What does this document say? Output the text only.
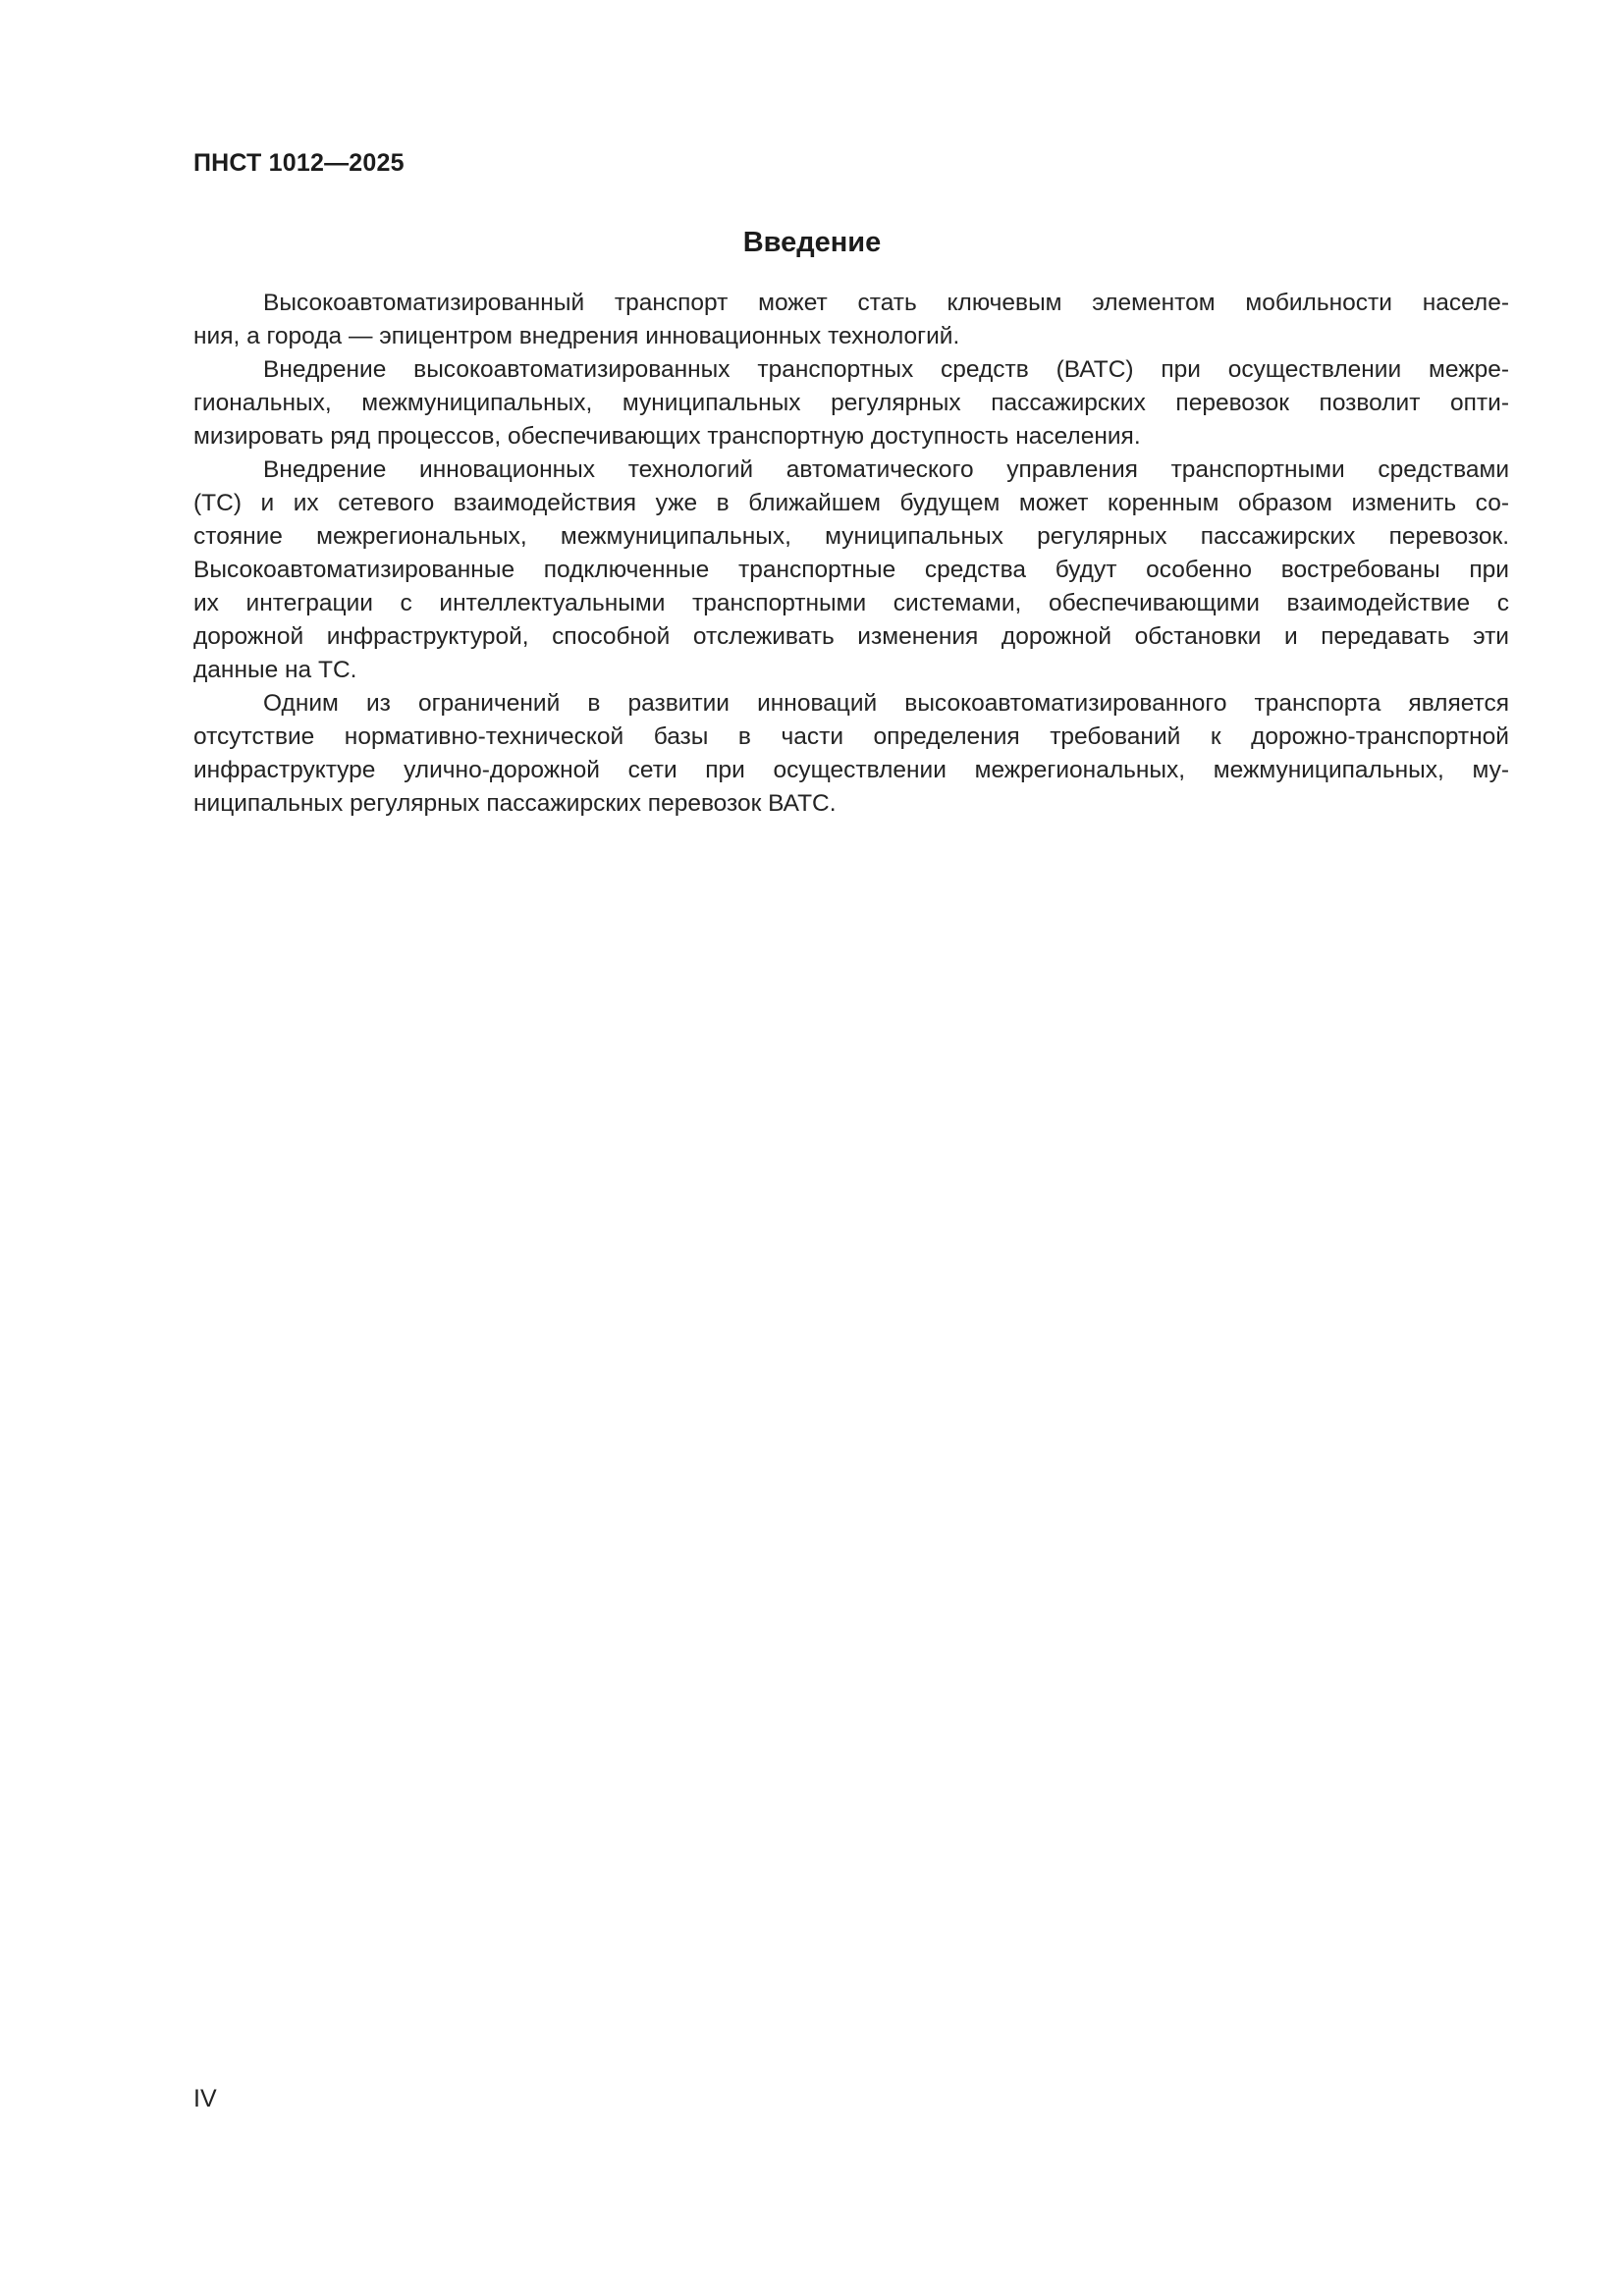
ПНСТ 1012—2025
Введение
Высокоавтоматизированный транспорт может стать ключевым элементом мобильности населе-
ния, а города — эпицентром внедрения инновационных технологий.
Внедрение высокоавтоматизированных транспортных средств (ВАТС) при осуществлении межре-
гиональных, межмуниципальных, муниципальных регулярных пассажирских перевозок позволит опти-
мизировать ряд процессов, обеспечивающих транспортную доступность населения.
Внедрение инновационных технологий автоматического управления транспортными средствами
(ТС) и их сетевого взаимодействия уже в ближайшем будущем может коренным образом изменить со-
стояние межрегиональных, межмуниципальных, муниципальных регулярных пассажирских перевозок.
Высокоавтоматизированные подключенные транспортные средства будут особенно востребованы при
их интеграции с интеллектуальными транспортными системами, обеспечивающими взаимодействие с
дорожной инфраструктурой, способной отслеживать изменения дорожной обстановки и передавать эти
данные на ТС.
Одним из ограничений в развитии инноваций высокоавтоматизированного транспорта является
отсутствие нормативно-технической базы в части определения требований к дорожно-транспортной
инфраструктуре улично-дорожной сети при осуществлении межрегиональных, межмуниципальных, му-
ниципальных регулярных пассажирских перевозок ВАТС.
IV
